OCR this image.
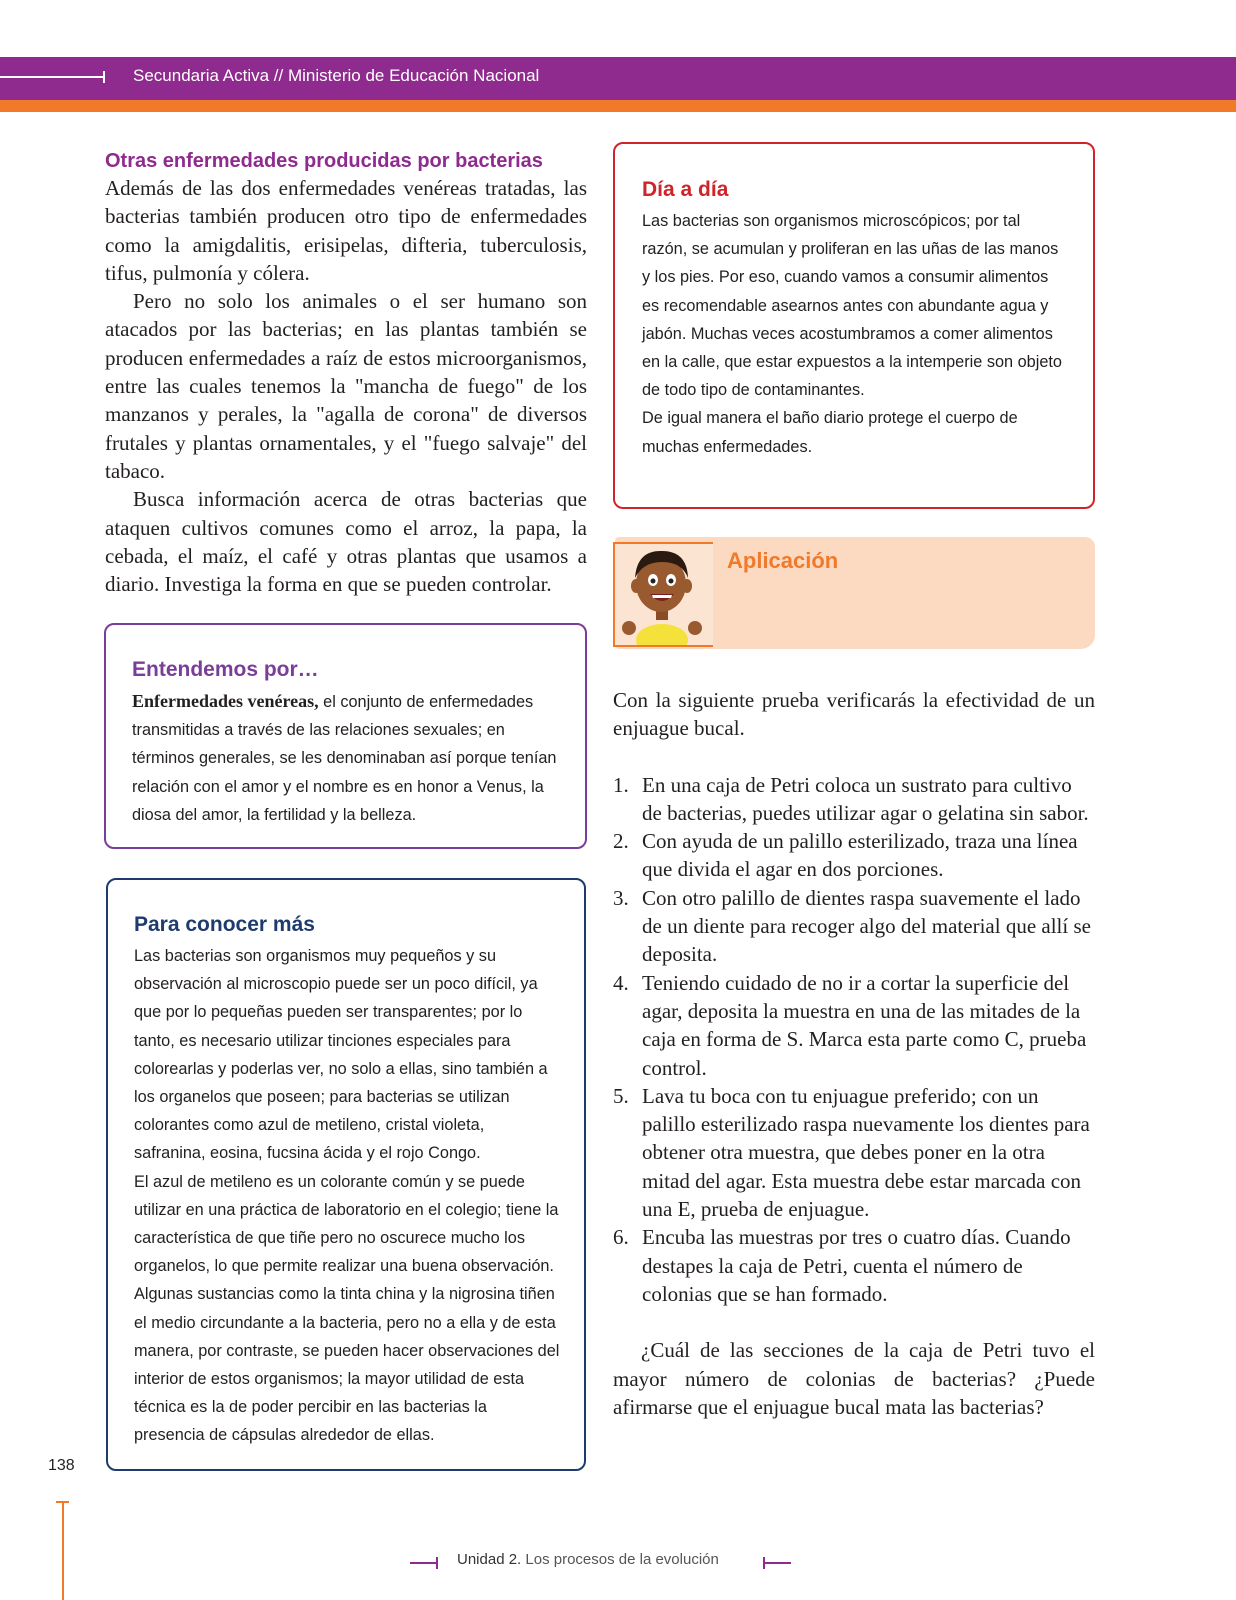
Secundaria Activa // Ministerio de Educación Nacional
Otras enfermedades producidas por bacterias

Además de las dos enfermedades venéreas tratadas, las bacterias también producen otro tipo de enfermedades como la amigdalitis, erisipelas, difteria, tuberculosis, tifus, pulmonía y cólera.

Pero no solo los animales o el ser humano son atacados por las bacterias; en las plantas también se producen enfermedades a raíz de estos microorganismos, entre las cuales tenemos la "mancha de fuego" de los manzanos y perales, la "agalla de corona" de diversos frutales y plantas ornamentales, y el "fuego salvaje" del tabaco.

Busca información acerca de otras bacterias que ataquen cultivos comunes como el arroz, la papa, la cebada, el maíz, el café y otras plantas que usamos a diario. Investiga la forma en que se pueden controlar.

Día a día

Las bacterias son organismos microscópicos; por tal razón, se acumulan y proliferan en las uñas de las manos y los pies. Por eso, cuando vamos a consumir alimentos es recomendable asearnos antes con abundante agua y jabón. Muchas veces acostumbramos a comer alimentos en la calle, que estar expuestos a la intemperie son objeto de todo tipo de contaminantes.

De igual manera el baño diario protege el cuerpo de muchas enfermedades.

Aplicación

Con la siguiente prueba verificarás la efectividad de un enjuague bucal.

1. En una caja de Petri coloca un sustrato para cultivo de bacterias, puedes utilizar agar o gelatina sin sabor.
2. Con ayuda de un palillo esterilizado, traza una línea que divida el agar en dos porciones.
3. Con otro palillo de dientes raspa suavemente el lado de un diente para recoger algo del material que allí se deposita.
4. Teniendo cuidado de no ir a cortar la superficie del agar, deposita la muestra en una de las mitades de la caja en forma de S. Marca esta parte como C, prueba control.
5. Lava tu boca con tu enjuague preferido; con un palillo esterilizado raspa nuevamente los dientes para obtener otra muestra, que debes poner en la otra mitad del agar. Esta muestra debe estar marcada con una E, prueba de enjuague.
6. Encuba las muestras por tres o cuatro días. Cuando destapes la caja de Petri, cuenta el número de colonias que se han formado.

¿Cuál de las secciones de la caja de Petri tuvo el mayor número de colonias de bacterias? ¿Puede afirmarse que el enjuague bucal mata las bacterias?

Entendemos por…

Enfermedades venéreas, el conjunto de enfermedades transmitidas a través de las relaciones sexuales; en términos generales, se les denominaban así porque tenían relación con el amor y el nombre es en honor a Venus, la diosa del amor, la fertilidad y la belleza.

Para conocer más

Las bacterias son organismos muy pequeños y su observación al microscopio puede ser un poco difícil, ya que por lo pequeñas pueden ser transparentes; por lo tanto, es necesario utilizar tinciones especiales para colorearlas y poderlas ver, no solo a ellas, sino también a los organelos que poseen; para bacterias se utilizan colorantes como azul de metileno, cristal violeta, safranina, eosina, fucsina ácida y el rojo Congo.

El azul de metileno es un colorante común y se puede utilizar en una práctica de laboratorio en el colegio; tiene la característica de que tiñe pero no oscurece mucho los organelos, lo que permite realizar una buena observación. Algunas sustancias como la tinta china y la nigrosina tiñen el medio circundante a la bacteria, pero no a ella y de esta manera, por contraste, se pueden hacer observaciones del interior de estos organismos; la mayor utilidad de esta técnica es la de poder percibir en las bacterias la presencia de cápsulas alrededor de ellas.

138
Unidad 2. Los procesos de la evolución
